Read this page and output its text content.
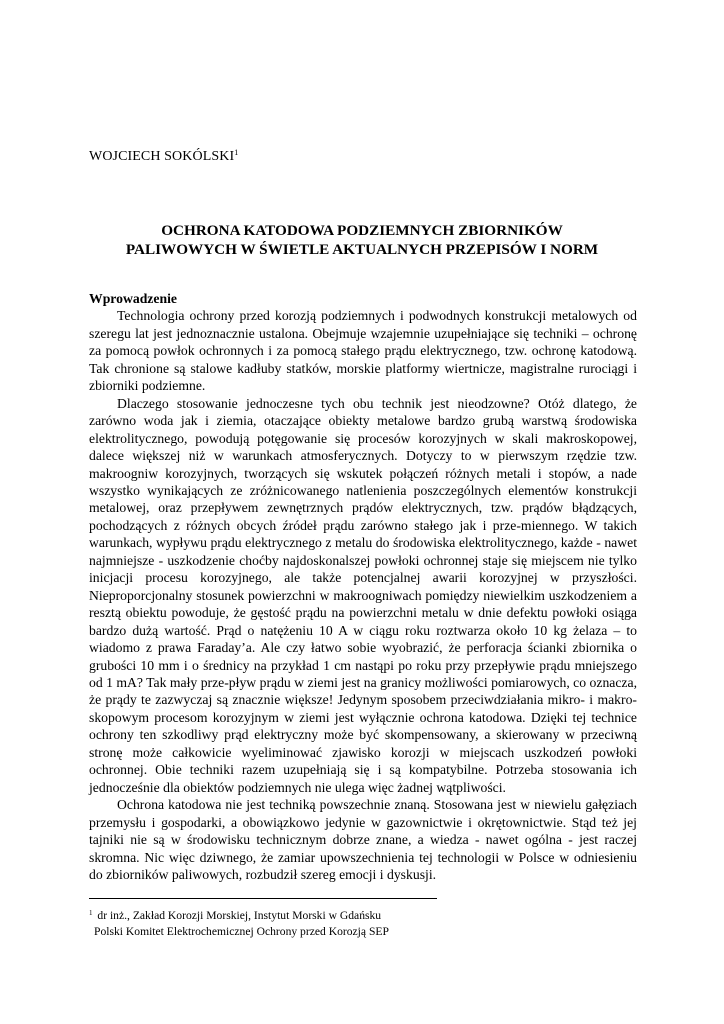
WOJCIECH SOKÓLSKI$^1$
OCHRONA KATODOWA PODZIEMNYCH ZBIORNIKÓW
PALIWOWYCH W ŚWIETLE AKTUALNYCH PRZEPISÓW I NORM
Wprowadzenie

Technologia ochrony przed korozją podziemnych i podwodnych konstrukcji metalowych od szeregu lat jest jednoznacznie ustalona. Obejmuje wzajemnie uzupełniające się techniki – ochronę za pomocą powłok ochronnych i za pomocą stałego prądu elektrycznego, tzw. ochronę katodową. Tak chronione są stalowe kadłuby statków, morskie platformy wiertnicze, magistralne rurociągi i zbiorniki podziemne.

Dlaczego stosowanie jednoczesne tych obu technik jest nieodzowne? Otóż dlatego, że zarówno woda jak i ziemia, otaczające obiekty metalowe bardzo grubą warstwą środowiska elektrolitycznego, powodują potęgowanie się procesów korozyjnych w skali makroskopowej, dalece większej niż w warunkach atmosferycznych. Dotyczy to w pierwszym rzędzie tzw. makroogniw korozyjnych, tworzących się wskutek połączeń różnych metali i stopów, a nade wszystko wynikających ze zróżnicowanego natlenienia poszczególnych elementów konstrukcji metalowej, oraz przepływem zewnętrznych prądów elektrycznych, tzw. prądów błądzących, pochodzących z różnych obcych źródeł prądu zarówno stałego jak i prze-miennego. W takich warunkach, wypływu prądu elektrycznego z metalu do środowiska elektrolitycznego, każde - nawet najmniejsze - uszkodzenie choćby najdoskonalszej powłoki ochronnej staje się miejscem nie tylko inicjacji procesu korozyjnego, ale także potencjalnej awarii korozyjnej w przyszłości. Nieproporcjonalny stosunek powierzchni w makroogniwach pomiędzy niewielkim uszkodzeniem a resztą obiektu powoduje, że gęstość prądu na powierzchni metalu w dnie defektu powłoki osiąga bardzo dużą wartość. Prąd o natężeniu 10 A w ciągu roku roztwarza około 10 kg żelaza – to wiadomo z prawa Faraday’a. Ale czy łatwo sobie wyobrazić, że perforacja ścianki zbiornika o grubości 10 mm i o średnicy na przykład 1 cm nastąpi po roku przy przepływie prądu mniejszego od 1 mA? Tak mały prze-pływ prądu w ziemi jest na granicy możliwości pomiarowych, co oznacza, że prądy te zazwyczaj są znacznie większe! Jedynym sposobem przeciwdziałania mikro- i makro-skopowym procesom korozyjnym w ziemi jest wyłącznie ochrona katodowa. Dzięki tej technice ochrony ten szkodliwy prąd elektryczny może być skompensowany, a skierowany w przeciwną stronę może całkowicie wyeliminować zjawisko korozji w miejscach uszkodzeń powłoki ochronnej. Obie techniki razem uzupełniają się i są kompatybilne. Potrzeba stosowania ich jednocześnie dla obiektów podziemnych nie ulega więc żadnej wątpliwości.

Ochrona katodowa nie jest techniką powszechnie znaną. Stosowana jest w niewielu gałęziach przemysłu i gospodarki, a obowiązkowo jedynie w gazownictwie i okrętownictwie. Stąd też jej tajniki nie są w środowisku technicznym dobrze znane, a wiedza - nawet ogólna - jest raczej skromna. Nic więc dziwnego, że zamiar upowszechnienia tej technologii w Polsce w odniesieniu do zbiorników paliwowych, rozbudził szereg emocji i dyskusji.

$^1$ dr inż., Zakład Korozji Morskiej, Instytut Morski w Gdańsku
Polski Komitet Elektrochemicznej Ochrony przed Korozją SEP
